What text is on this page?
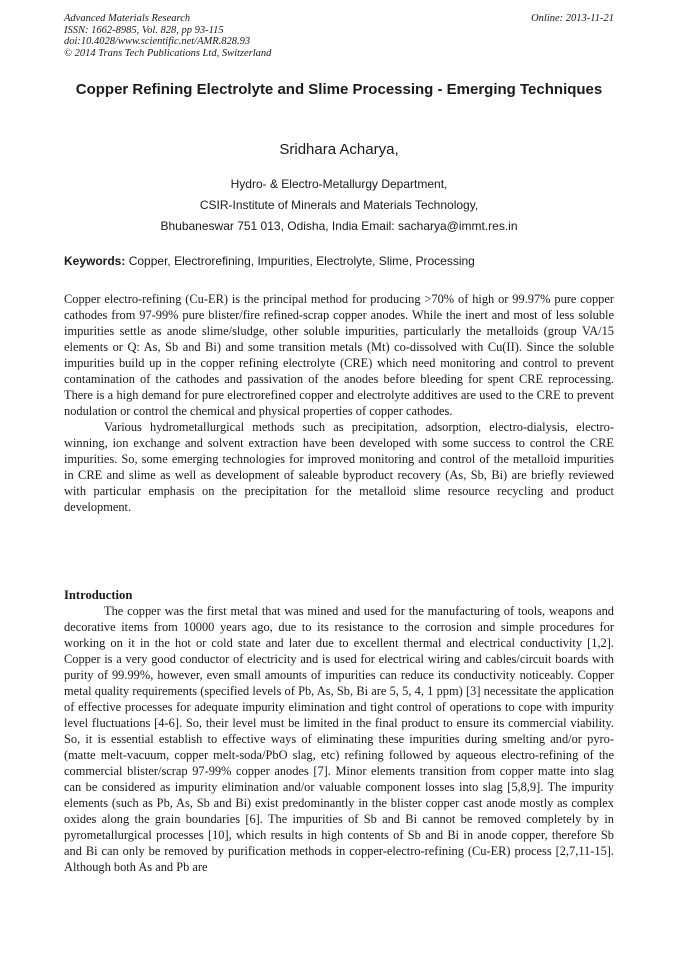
Advanced Materials Research
ISSN: 1662-8985, Vol. 828, pp 93-115
doi:10.4028/www.scientific.net/AMR.828.93
© 2014 Trans Tech Publications Ltd, Switzerland
Online: 2013-11-21
Copper Refining Electrolyte and Slime Processing - Emerging Techniques
Sridhara Acharya,
Hydro- & Electro-Metallurgy Department,
CSIR-Institute of Minerals and Materials Technology,
Bhubaneswar 751 013, Odisha, India Email: sacharya@immt.res.in
Keywords: Copper, Electrorefining, Impurities, Electrolyte, Slime, Processing

Copper electro-refining (Cu-ER) is the principal method for producing >70% of high or 99.97% pure copper cathodes from 97-99% pure blister/fire refined-scrap copper anodes. While the inert and most of less soluble impurities settle as anode slime/sludge, other soluble impurities, particularly the metalloids (group VA/15 elements or Q: As, Sb and Bi) and some transition metals (Mt) co-dissolved with Cu(II). Since the soluble impurities build up in the copper refining electrolyte (CRE) which need monitoring and control to prevent contamination of the cathodes and passivation of the anodes before bleeding for spent CRE reprocessing. There is a high demand for pure electrorefined copper and electrolyte additives are used to the CRE to prevent nodulation or control the chemical and physical properties of copper cathodes.

Various hydrometallurgical methods such as precipitation, adsorption, electro-dialysis, electro-winning, ion exchange and solvent extraction have been developed with some success to control the CRE impurities. So, some emerging technologies for improved monitoring and control of the metalloid impurities in CRE and slime as well as development of saleable byproduct recovery (As, Sb, Bi) are briefly reviewed with particular emphasis on the precipitation for the metalloid slime resource recycling and product development.

Introduction

The copper was the first metal that was mined and used for the manufacturing of tools, weapons and decorative items from 10000 years ago, due to its resistance to the corrosion and simple procedures for working on it in the hot or cold state and later due to excellent thermal and electrical conductivity [1,2]. Copper is a very good conductor of electricity and is used for electrical wiring and cables/circuit boards with purity of 99.99%, however, even small amounts of impurities can reduce its conductivity noticeably. Copper metal quality requirements (specified levels of Pb, As, Sb, Bi are 5, 5, 4, 1 ppm) [3] necessitate the application of effective processes for adequate impurity elimination and tight control of operations to cope with impurity level fluctuations [4-6]. So, their level must be limited in the final product to ensure its commercial viability. So, it is essential establish to effective ways of eliminating these impurities during smelting and/or pyro- (matte melt-vacuum, copper melt-soda/PbO slag, etc) refining followed by aqueous electro-refining of the commercial blister/scrap 97-99% copper anodes [7]. Minor elements transition from copper matte into slag can be considered as impurity elimination and/or valuable component losses into slag [5,8,9]. The impurity elements (such as Pb, As, Sb and Bi) exist predominantly in the blister copper cast anode mostly as complex oxides along the grain boundaries [6]. The impurities of Sb and Bi cannot be removed completely by in pyrometallurgical processes [10], which results in high contents of Sb and Bi in anode copper, therefore Sb and Bi can only be removed by purification methods in copper-electro-refining (Cu-ER) process [2,7,11-15]. Although both As and Pb are
